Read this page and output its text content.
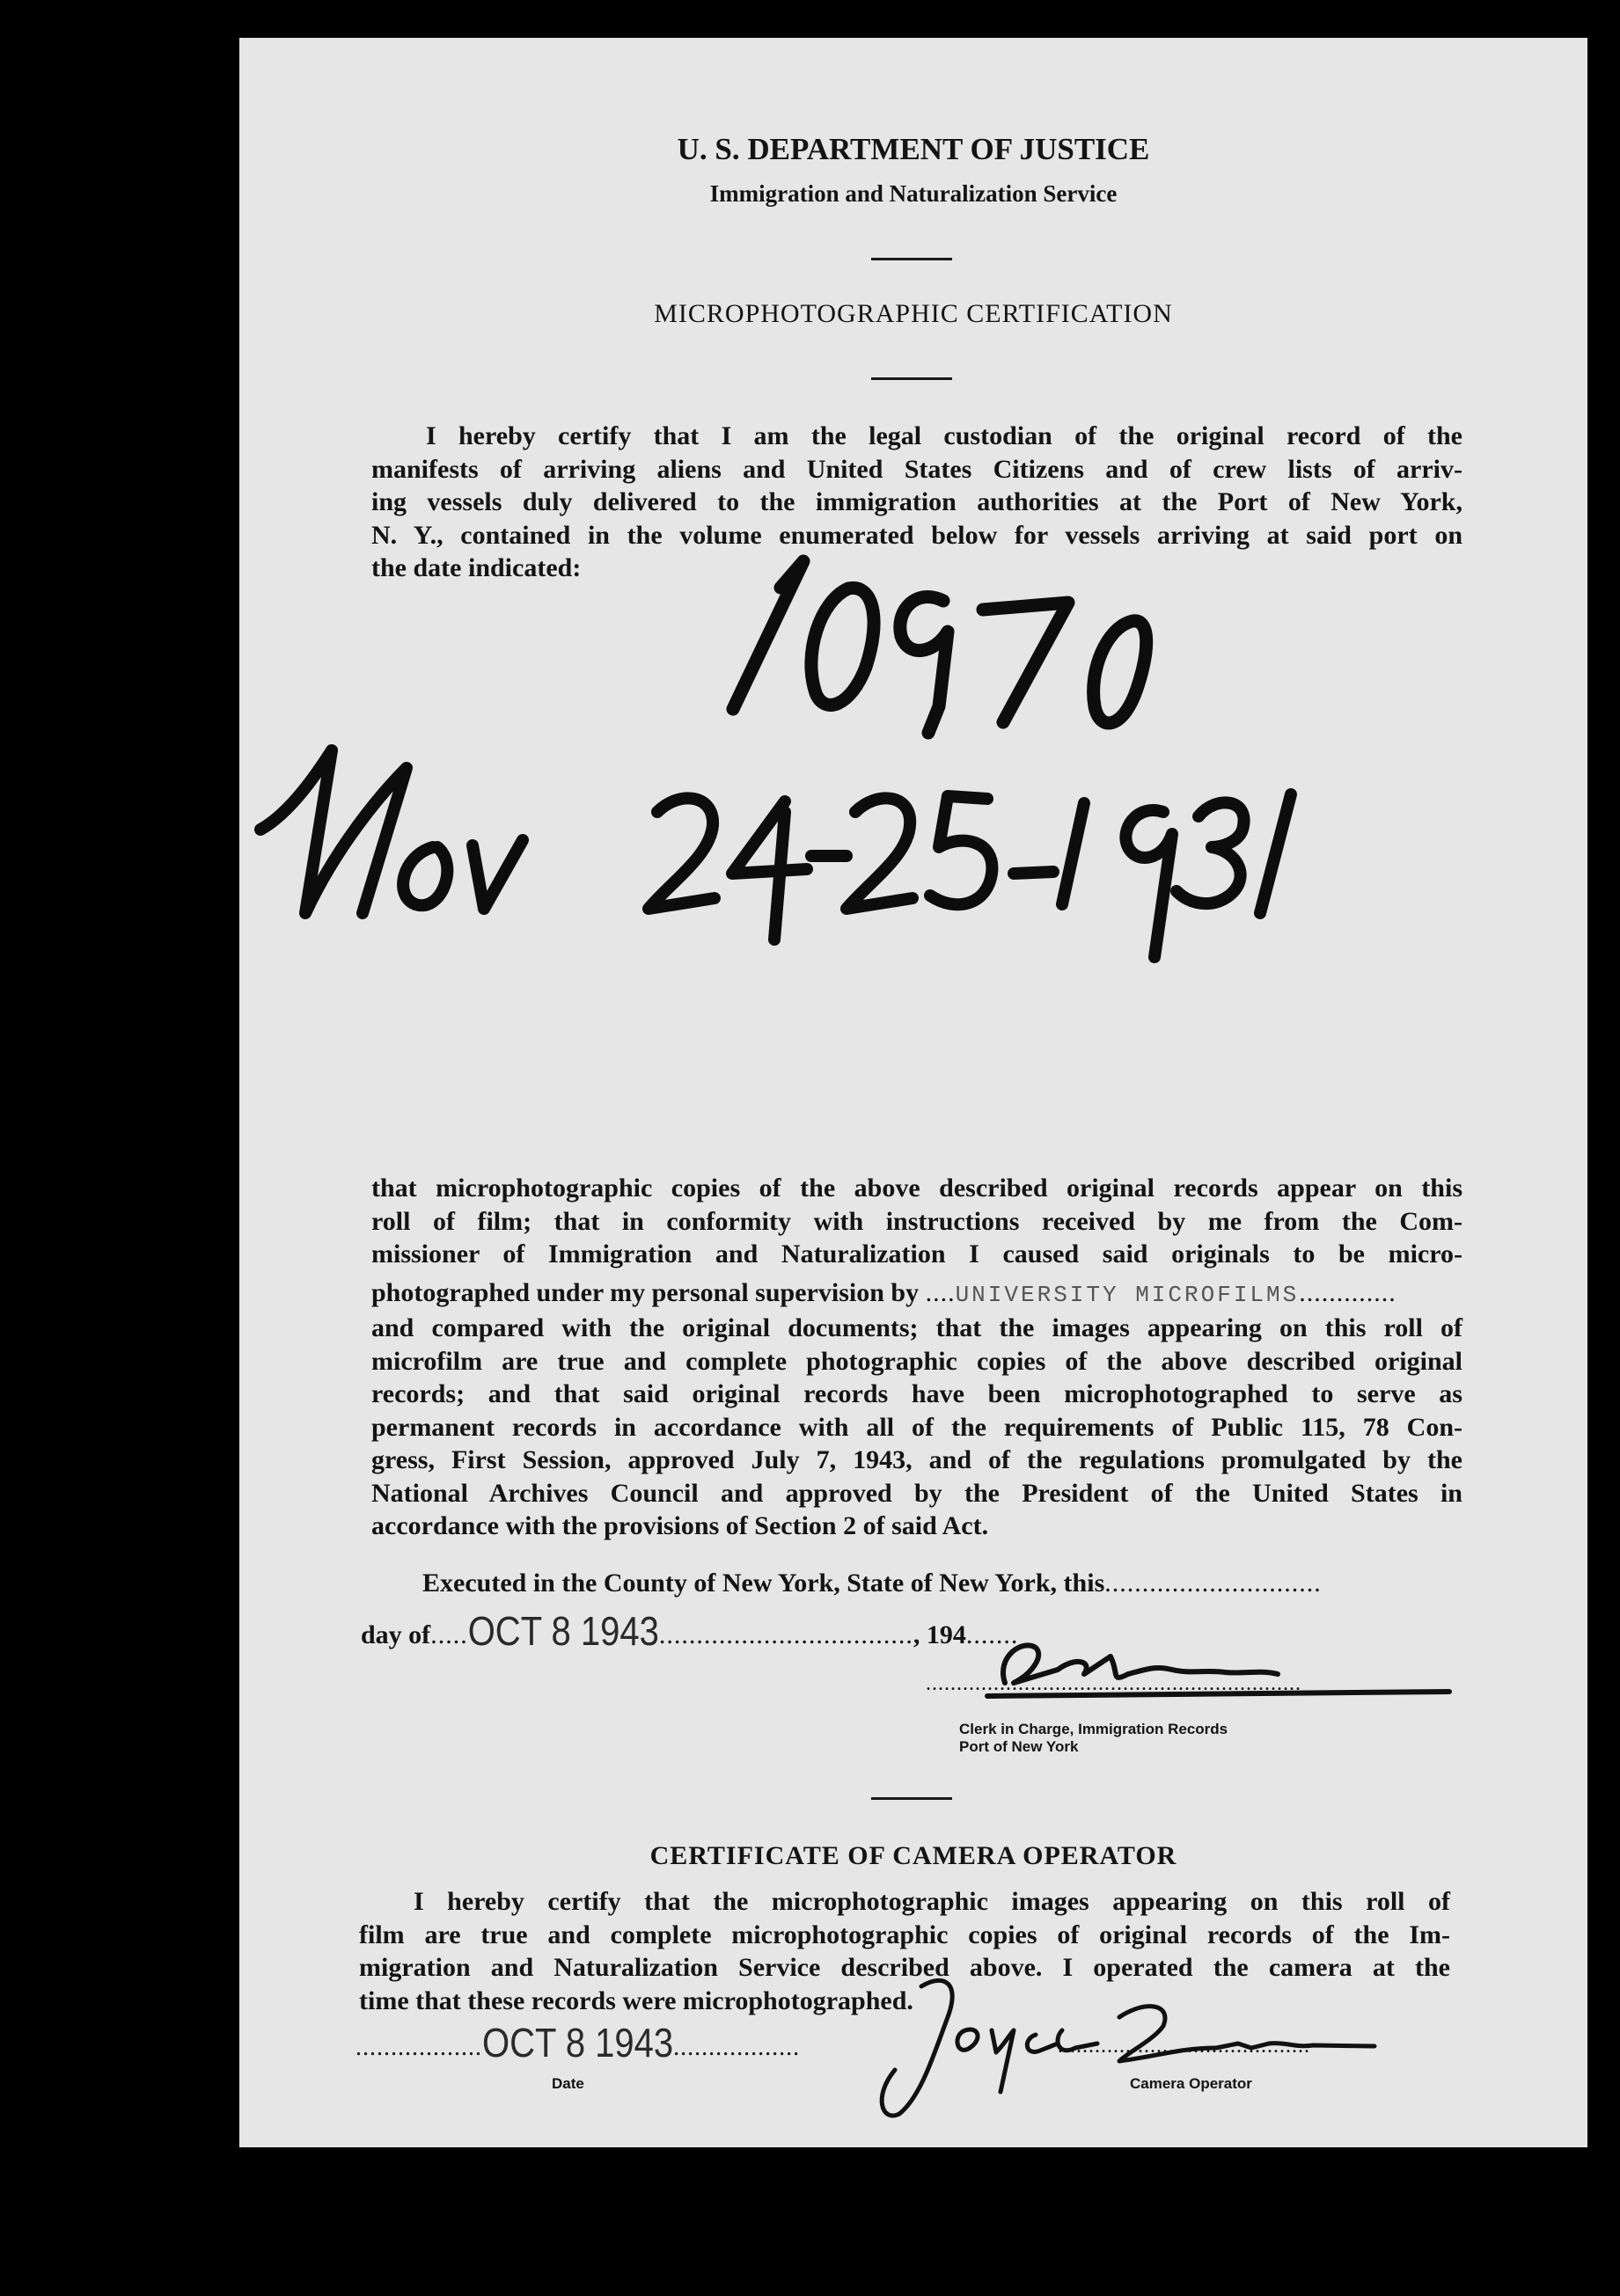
U. S. DEPARTMENT OF JUSTICE
Immigration and Naturalization Service
MICROPHOTOGRAPHIC CERTIFICATION
I hereby certify that I am the legal custodian of the original record of the
manifests of arriving aliens and United States Citizens and of crew lists of arriv-
ing vessels duly delivered to the immigration authorities at the Port of New York,
N. Y., contained in the volume enumerated below for vessels arriving at said port on
the date indicated:
that microphotographic copies of the above described original records appear on this
roll of film; that in conformity with instructions received by me from the Com-
missioner of Immigration and Naturalization I caused said originals to be micro-
photographed under my personal supervision by ....UNIVERSITY MICROFILMS.............
and compared with the original documents; that the images appearing on this roll of
microfilm are true and complete photographic copies of the above described original
records; and that said original records have been microphotographed to serve as
permanent records in accordance with all of the requirements of Public 115, 78 Con-
gress, First Session, approved July 7, 1943, and of the regulations promulgated by the
National Archives Council and approved by the President of the United States in
accordance with the provisions of Section 2 of said Act.
Executed in the County of New York, State of New York, this.............................
day of.....OCT 8 1943.................................., 194.......
.............................................................
Clerk in Charge, Immigration Records
Port of New York
CERTIFICATE OF CAMERA OPERATOR
I hereby certify that the microphotographic images appearing on this roll of
film are true and complete microphotographic copies of original records of the Im-
migration and Naturalization Service described above. I operated the camera at the
time that these records were microphotographed.
..................OCT 8 1943..................
Date
.........................................
Camera Operator
